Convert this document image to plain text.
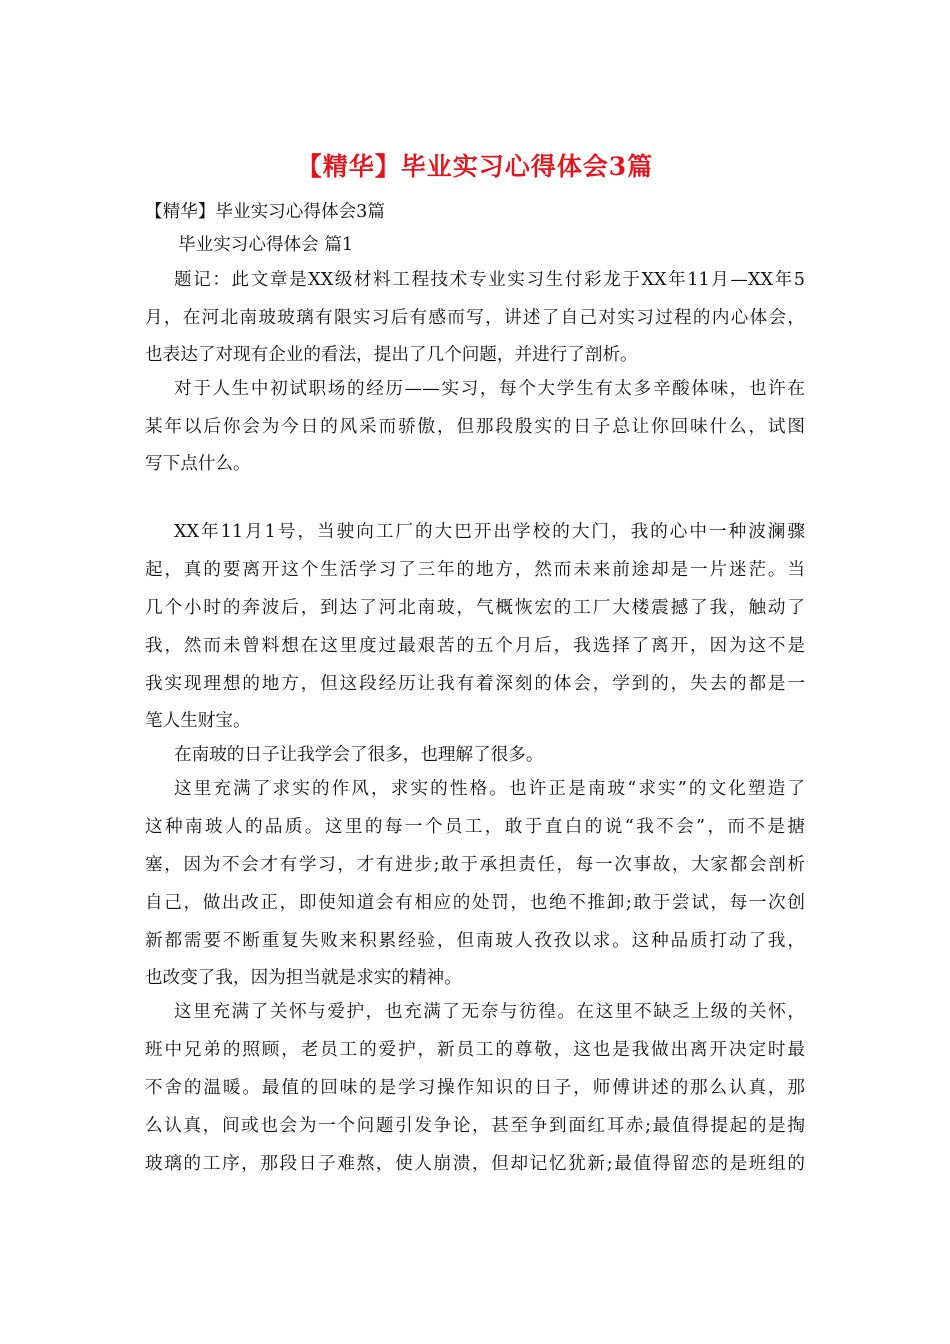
【精华】毕业实习心得体会3篇
【精华】毕业实习心得体会3篇
毕业实习心得体会 篇1
题记：此文章是XX级材料工程技术专业实习生付彩龙于XX年11月—XX年5
月，在河北南玻玻璃有限实习后有感而写，讲述了自己对实习过程的内心体会，
也表达了对现有企业的看法，提出了几个问题，并进行了剖析。
对于人生中初试职场的经历——实习，每个大学生有太多辛酸体味，也许在
某年以后你会为今日的风采而骄傲，但那段殷实的日子总让你回味什么，试图
写下点什么。
XX年11月1号，当驶向工厂的大巴开出学校的大门，我的心中一种波澜骤
起，真的要离开这个生活学习了三年的地方，然而未来前途却是一片迷茫。当
几个小时的奔波后，到达了河北南玻，气概恢宏的工厂大楼震撼了我，触动了
我，然而未曾料想在这里度过最艰苦的五个月后，我选择了离开，因为这不是
我实现理想的地方，但这段经历让我有着深刻的体会，学到的，失去的都是一
笔人生财宝。
在南玻的日子让我学会了很多，也理解了很多。
这里充满了求实的作风，求实的性格。也许正是南玻“求实”的文化塑造了
这种南玻人的品质。这里的每一个员工，敢于直白的说“我不会”，而不是搪
塞，因为不会才有学习，才有进步;敢于承担责任，每一次事故，大家都会剖析
自己，做出改正，即使知道会有相应的处罚，也绝不推卸;敢于尝试，每一次创
新都需要不断重复失败来积累经验，但南玻人孜孜以求。这种品质打动了我，
也改变了我，因为担当就是求实的精神。
这里充满了关怀与爱护，也充满了无奈与彷徨。在这里不缺乏上级的关怀，
班中兄弟的照顾，老员工的爱护，新员工的尊敬，这也是我做出离开决定时最
不舍的温暖。最值的回味的是学习操作知识的日子，师傅讲述的那么认真，那
么认真，间或也会为一个问题引发争论，甚至争到面红耳赤;最值得提起的是掏
玻璃的工序，那段日子难熬，使人崩溃，但却记忆犹新;最值得留恋的是班组的
